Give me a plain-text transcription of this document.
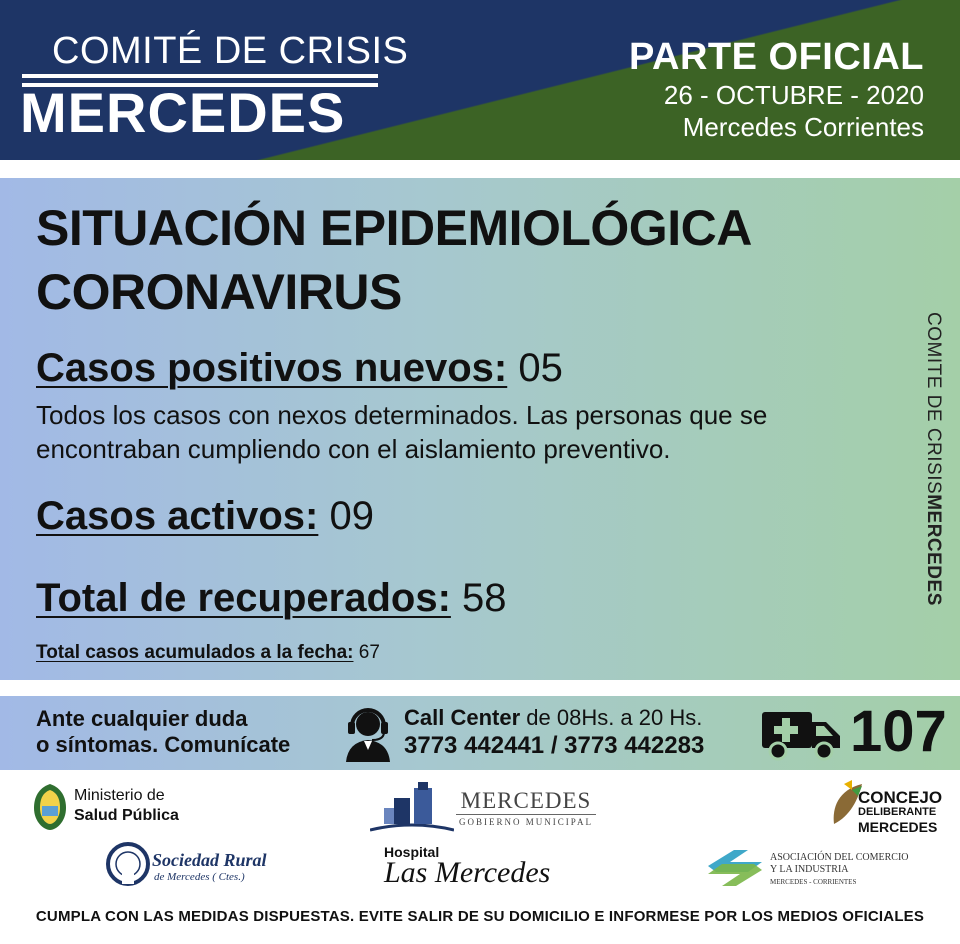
COMITÉ DE CRISIS
MERCEDES
PARTE OFICIAL
26 - OCTUBRE - 2020
Mercedes Corrientes
SITUACIÓN EPIDEMIOLÓGICA
CORONAVIRUS
Casos positivos nuevos: 05
Todos los casos con nexos determinados. Las personas que se encontraban cumpliendo con el aislamiento preventivo.
Casos activos: 09
Total de recuperados: 58
Total casos acumulados a la fecha: 67
COMITE DE CRISISMERCEDES
Ante cualquier duda
o síntomas. Comunícate
Call Center de 08Hs. a 20 Hs.
3773 442441 / 3773 442283	107
Ministerio de
Salud Pública
MERCEDES
GOBIERNO MUNICIPAL
CONCEJO
DELIBERANTE
MERCEDES
Sociedad Rural
de Mercedes ( Ctes.)
Hospital
Las Mercedes	ASOCIACIÓN DEL COMERCIO
Y LA INDUSTRIA
MERCEDES - CORRIENTES
CUMPLA CON LAS MEDIDAS DISPUESTAS. EVITE SALIR DE SU DOMICILIO E INFORMESE POR LOS MEDIOS OFICIALES
